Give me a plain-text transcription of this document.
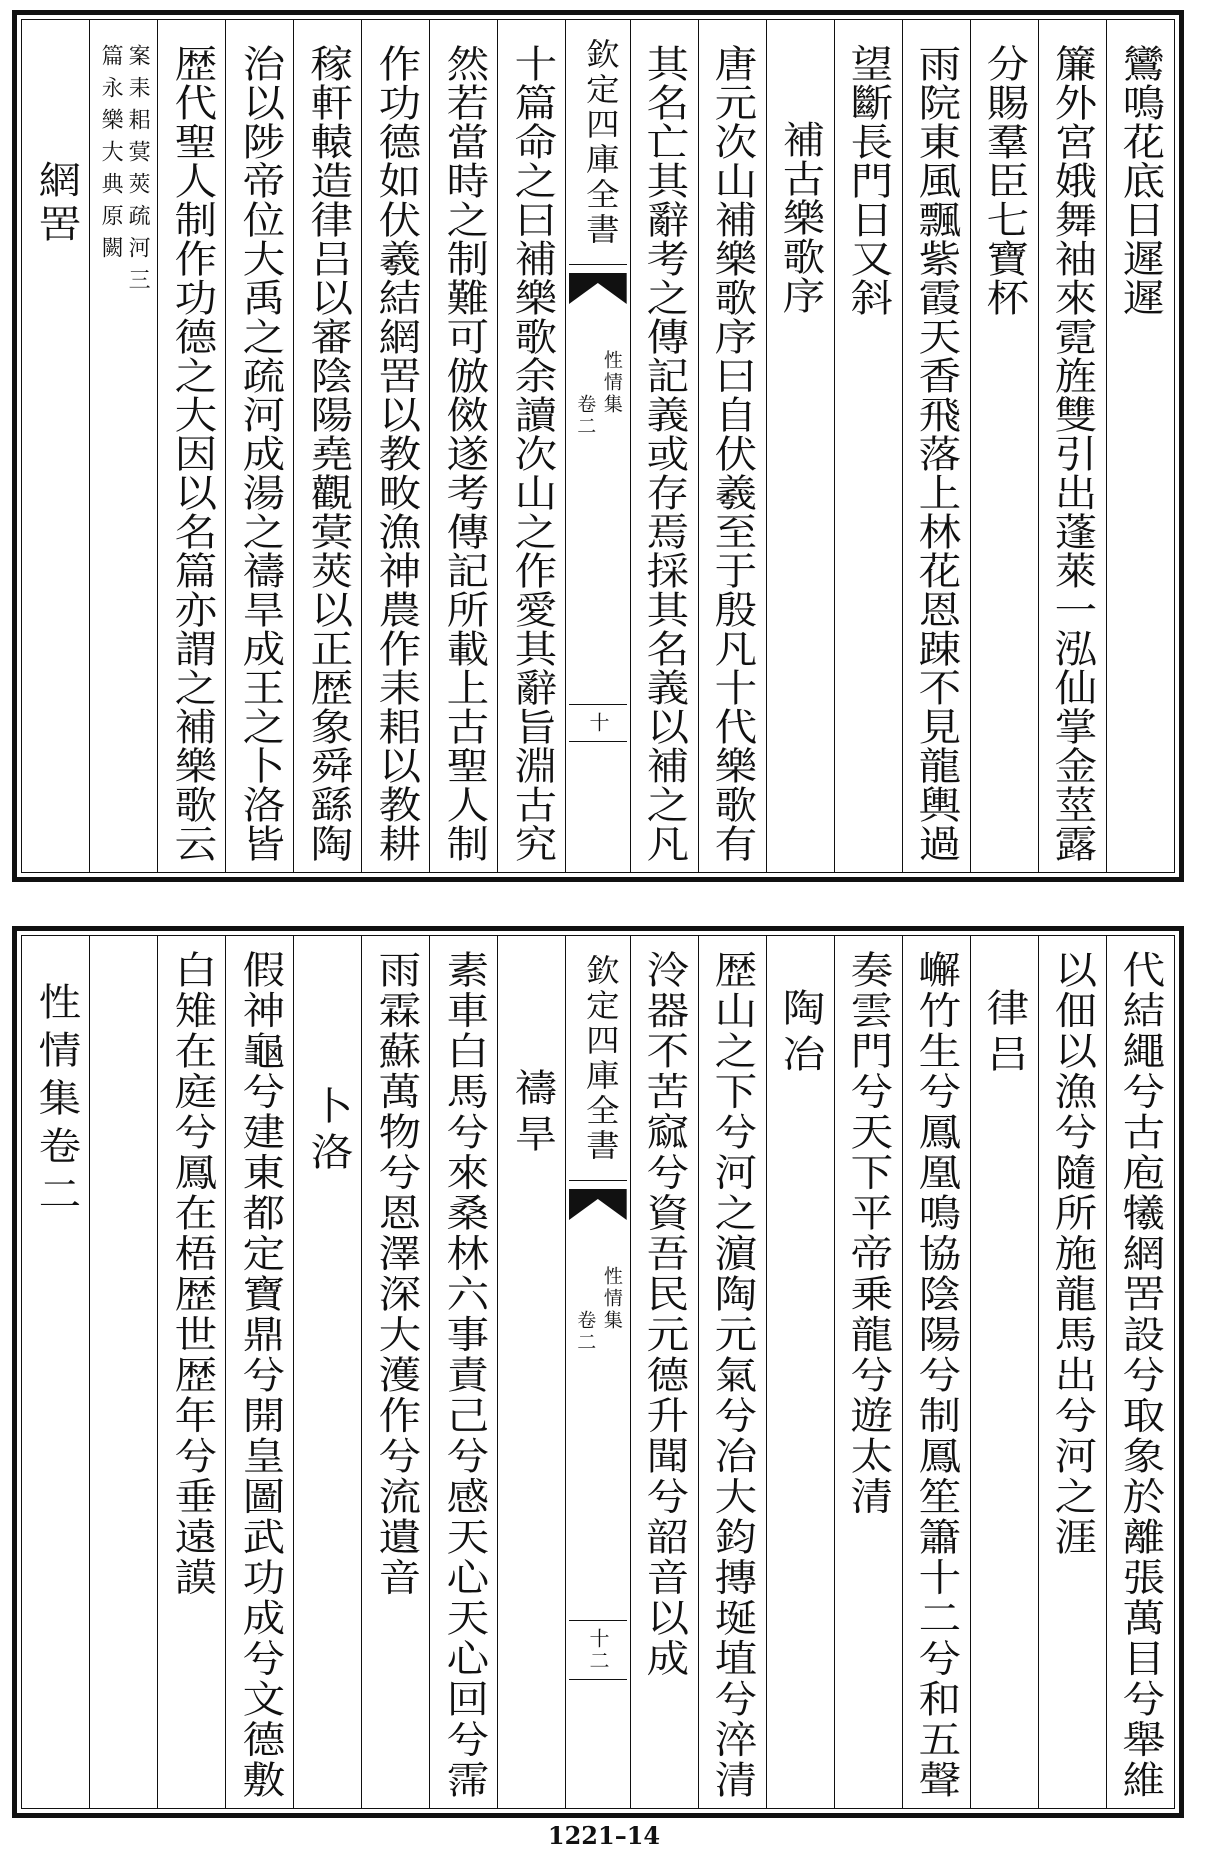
鸞鳴花底日遲遲
簾外宮娥舞袖來霓旌雙引出蓬萊一泓仙掌金莖露
分賜羣臣七寶杯
雨院東風飄紫霞天香飛落上林花恩踈不見龍輿過
望斷長門日又斜
補古樂歌序
唐元次山補樂歌序曰自伏羲至于殷凡十代樂歌有
其名亡其辭考之傳記義或存焉採其名義以補之凡
欽定四庫全書
性情集
卷二
十
十篇命之曰補樂歌余讀次山之作愛其辭旨淵古究
然若當時之制難可倣傚遂考傳記所載上古聖人制
作功德如伏羲結網罟以教畋漁神農作耒耜以教耕
稼軒轅造律吕以審陰陽堯觀蓂莢以正歴象舜繇陶
治以陟帝位大禹之疏河成湯之禱旱成王之卜洛皆
歴代聖人制作功德之大因以名篇亦謂之補樂歌云
案耒耜蓂莢疏河三
篇永樂大典原闕
網罟
代結繩兮古庖犧網罟設兮取象於離張萬目兮舉維
以佃以漁兮隨所施龍馬出兮河之涯
律吕
嶰竹生兮鳳凰鳴協陰陽兮制鳳笙簫十二兮和五聲
奏雲門兮天下平帝乗龍兮遊太清
陶冶
歴山之下兮河之濵陶元氣兮冶大鈞摶埏埴兮淬清
泠器不苦窳兮資吾民元德升聞兮韶音以成
欽定四庫全書
性情集
卷二
十二
禱旱
素車白馬兮來桑林六事責己兮感天心天心回兮霈
雨霖蘇萬物兮恩澤深大濩作兮流遺音
卜洛
假神龜兮建東都定寶鼎兮開皇圖武功成兮文德敷
白雉在庭兮鳳在梧歴世歴年兮垂遠謨
性情集卷二
1221–14
